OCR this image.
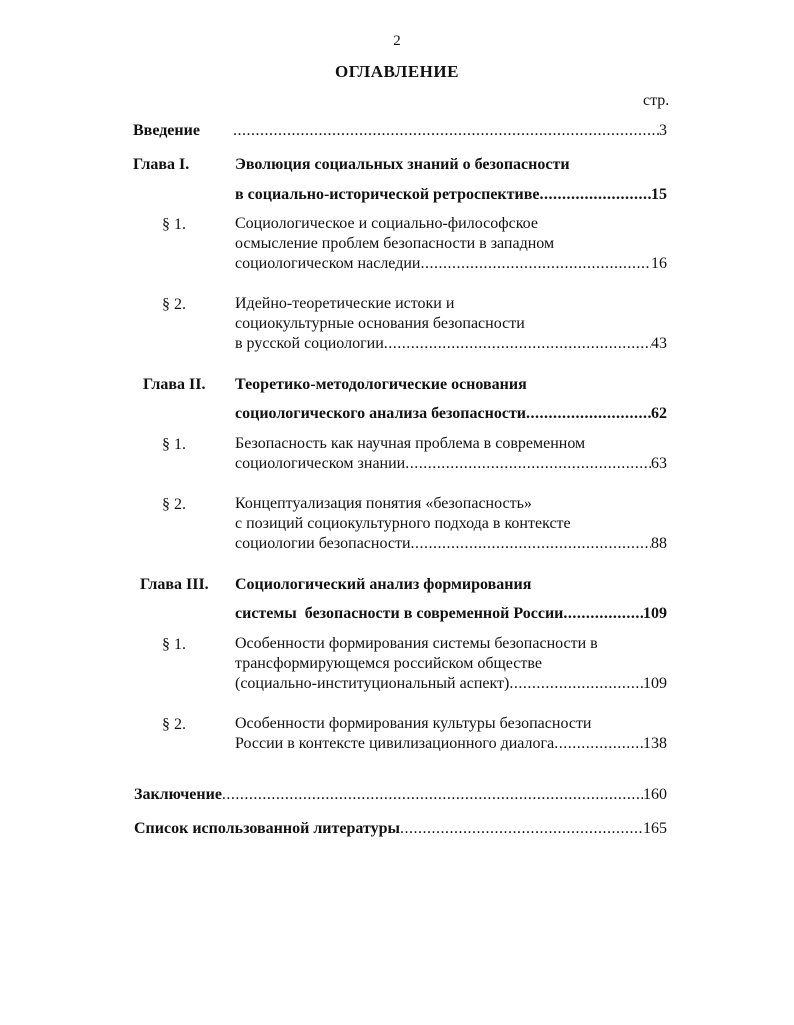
2
ОГЛАВЛЕНИЕ
стр.
Введение .....	3
Глава I.	Эволюция социальных знаний о безопасности
в социально-исторической ретроспективе .....	15
§ 1.	Социологическое и социально-философское
осмысление проблем безопасности в западном
социологическом наследии .....	16
§ 2.	Идейно-теоретические истоки и
социокультурные основания безопасности
в русской социологии .....	43
Глава II. Теоретико-методологические основания
социологического анализа безопасности .....	62
§ 1.	Безопасность как научная проблема в современном
социологическом знании .....	63
§ 2.	Концептуализация понятия «безопасность»
с позиций социокультурного подхода в контексте
социологии безопасности .....	88
Глава III. Социологический анализ формирования
системы  безопасности в современной России .....	109
§ 1.	Особенности формирования системы безопасности в
трансформирующемся российском обществе
(социально-институциональный аспект) .....	109
§ 2.	Особенности формирования культуры безопасности
России в контексте цивилизационного диалога .....	138
Заключение .....	160
Список использованной литературы .....	165
